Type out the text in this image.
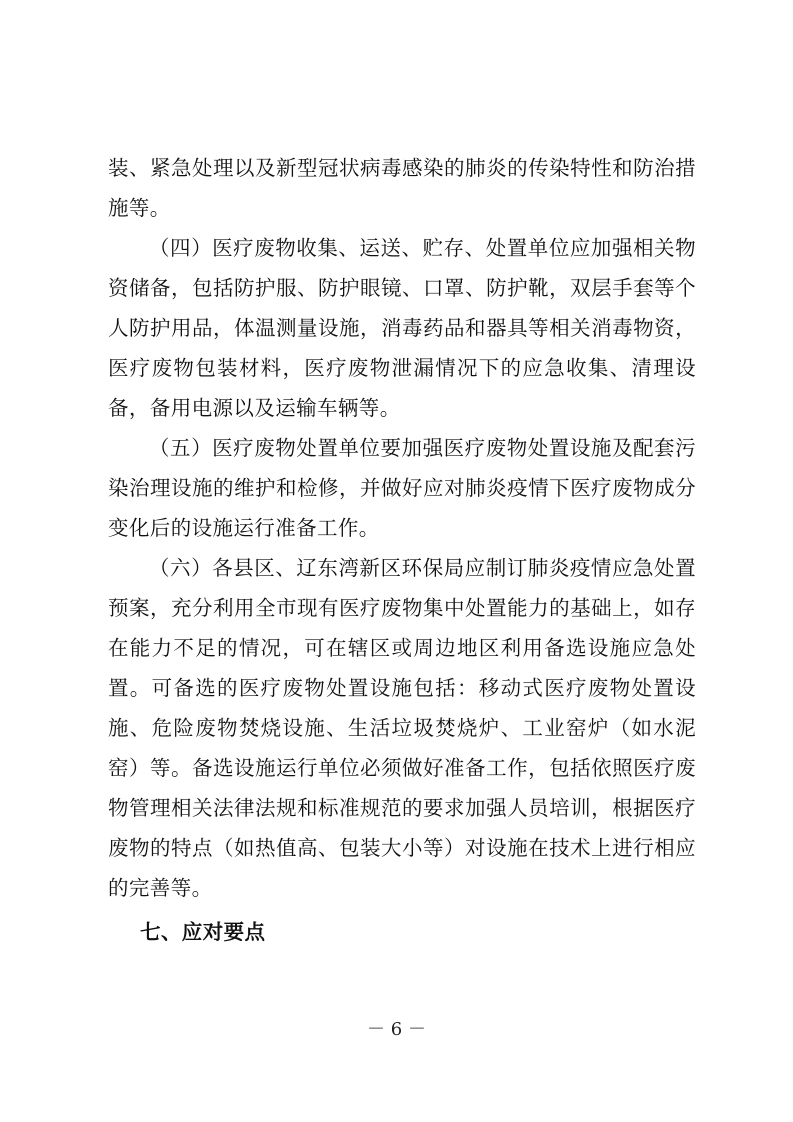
装、紧急处理以及新型冠状病毒感染的肺炎的传染特性和防治措施等。

（四）医疗废物收集、运送、贮存、处置单位应加强相关物资储备，包括防护服、防护眼镜、口罩、防护靴，双层手套等个人防护用品，体温测量设施，消毒药品和器具等相关消毒物资，医疗废物包装材料，医疗废物泄漏情况下的应急收集、清理设备，备用电源以及运输车辆等。

（五）医疗废物处置单位要加强医疗废物处置设施及配套污染治理设施的维护和检修，并做好应对肺炎疫情下医疗废物成分变化后的设施运行准备工作。

（六）各县区、辽东湾新区环保局应制订肺炎疫情应急处置预案，充分利用全市现有医疗废物集中处置能力的基础上，如存在能力不足的情况，可在辖区或周边地区利用备选设施应急处置。可备选的医疗废物处置设施包括：移动式医疗废物处置设施、危险废物焚烧设施、生活垃圾焚烧炉、工业窑炉（如水泥窑）等。备选设施运行单位必须做好准备工作，包括依照医疗废物管理相关法律法规和标准规范的要求加强人员培训，根据医疗废物的特点（如热值高、包装大小等）对设施在技术上进行相应的完善等。

七、应对要点

－ 6 －
